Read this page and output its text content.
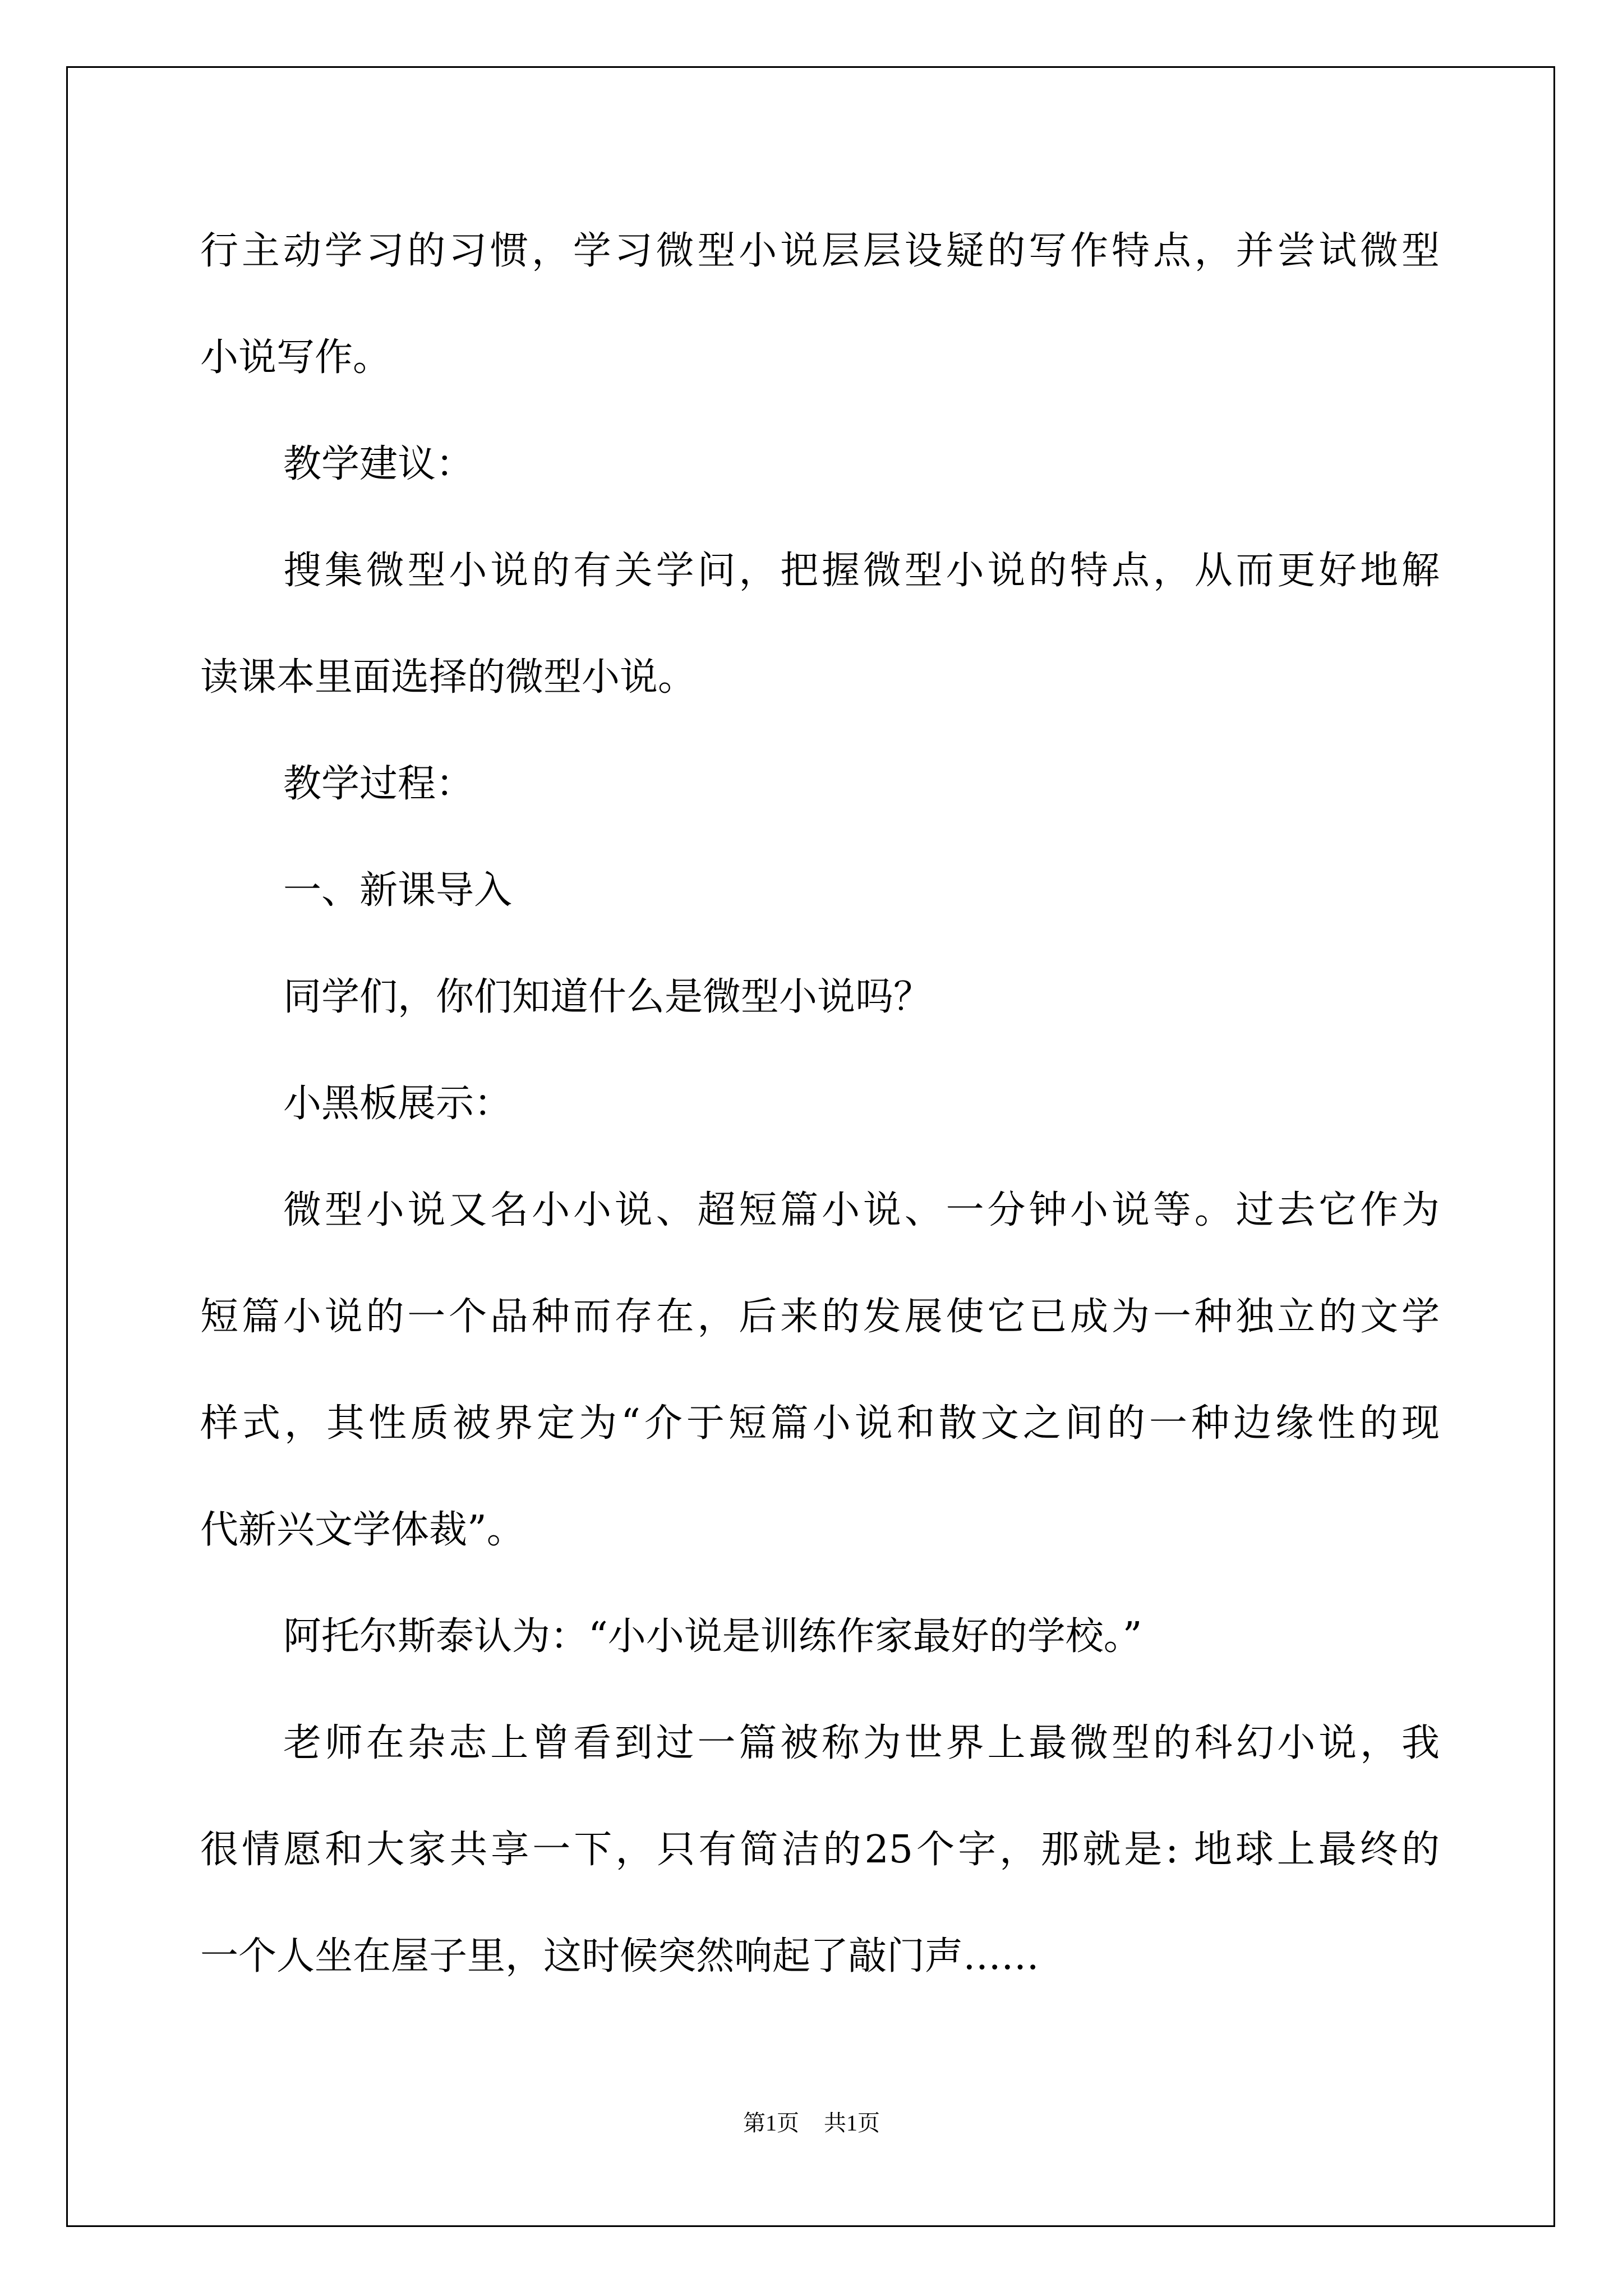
行主动学习的习惯，学习微型小说层层设疑的写作特点，并尝试微型
小说写作。
教学建议：
搜集微型小说的有关学问，把握微型小说的特点，从而更好地解
读课本里面选择的微型小说。
教学过程：
一、新课导入
同学们，你们知道什么是微型小说吗？
小黑板展示：
微型小说又名小小说、超短篇小说、一分钟小说等。过去它作为
短篇小说的一个品种而存在，后来的发展使它已成为一种独立的文学
样式，其性质被界定为“介于短篇小说和散文之间的一种边缘性的现
代新兴文学体裁”。
阿托尔斯泰认为：“小小说是训练作家最好的学校。”
老师在杂志上曾看到过一篇被称为世界上最微型的科幻小说，我
很情愿和大家共享一下，只有简洁的25个字，那就是: 地球上最终的
一个人坐在屋子里，这时候突然响起了敲门声……
第1页 共1页
